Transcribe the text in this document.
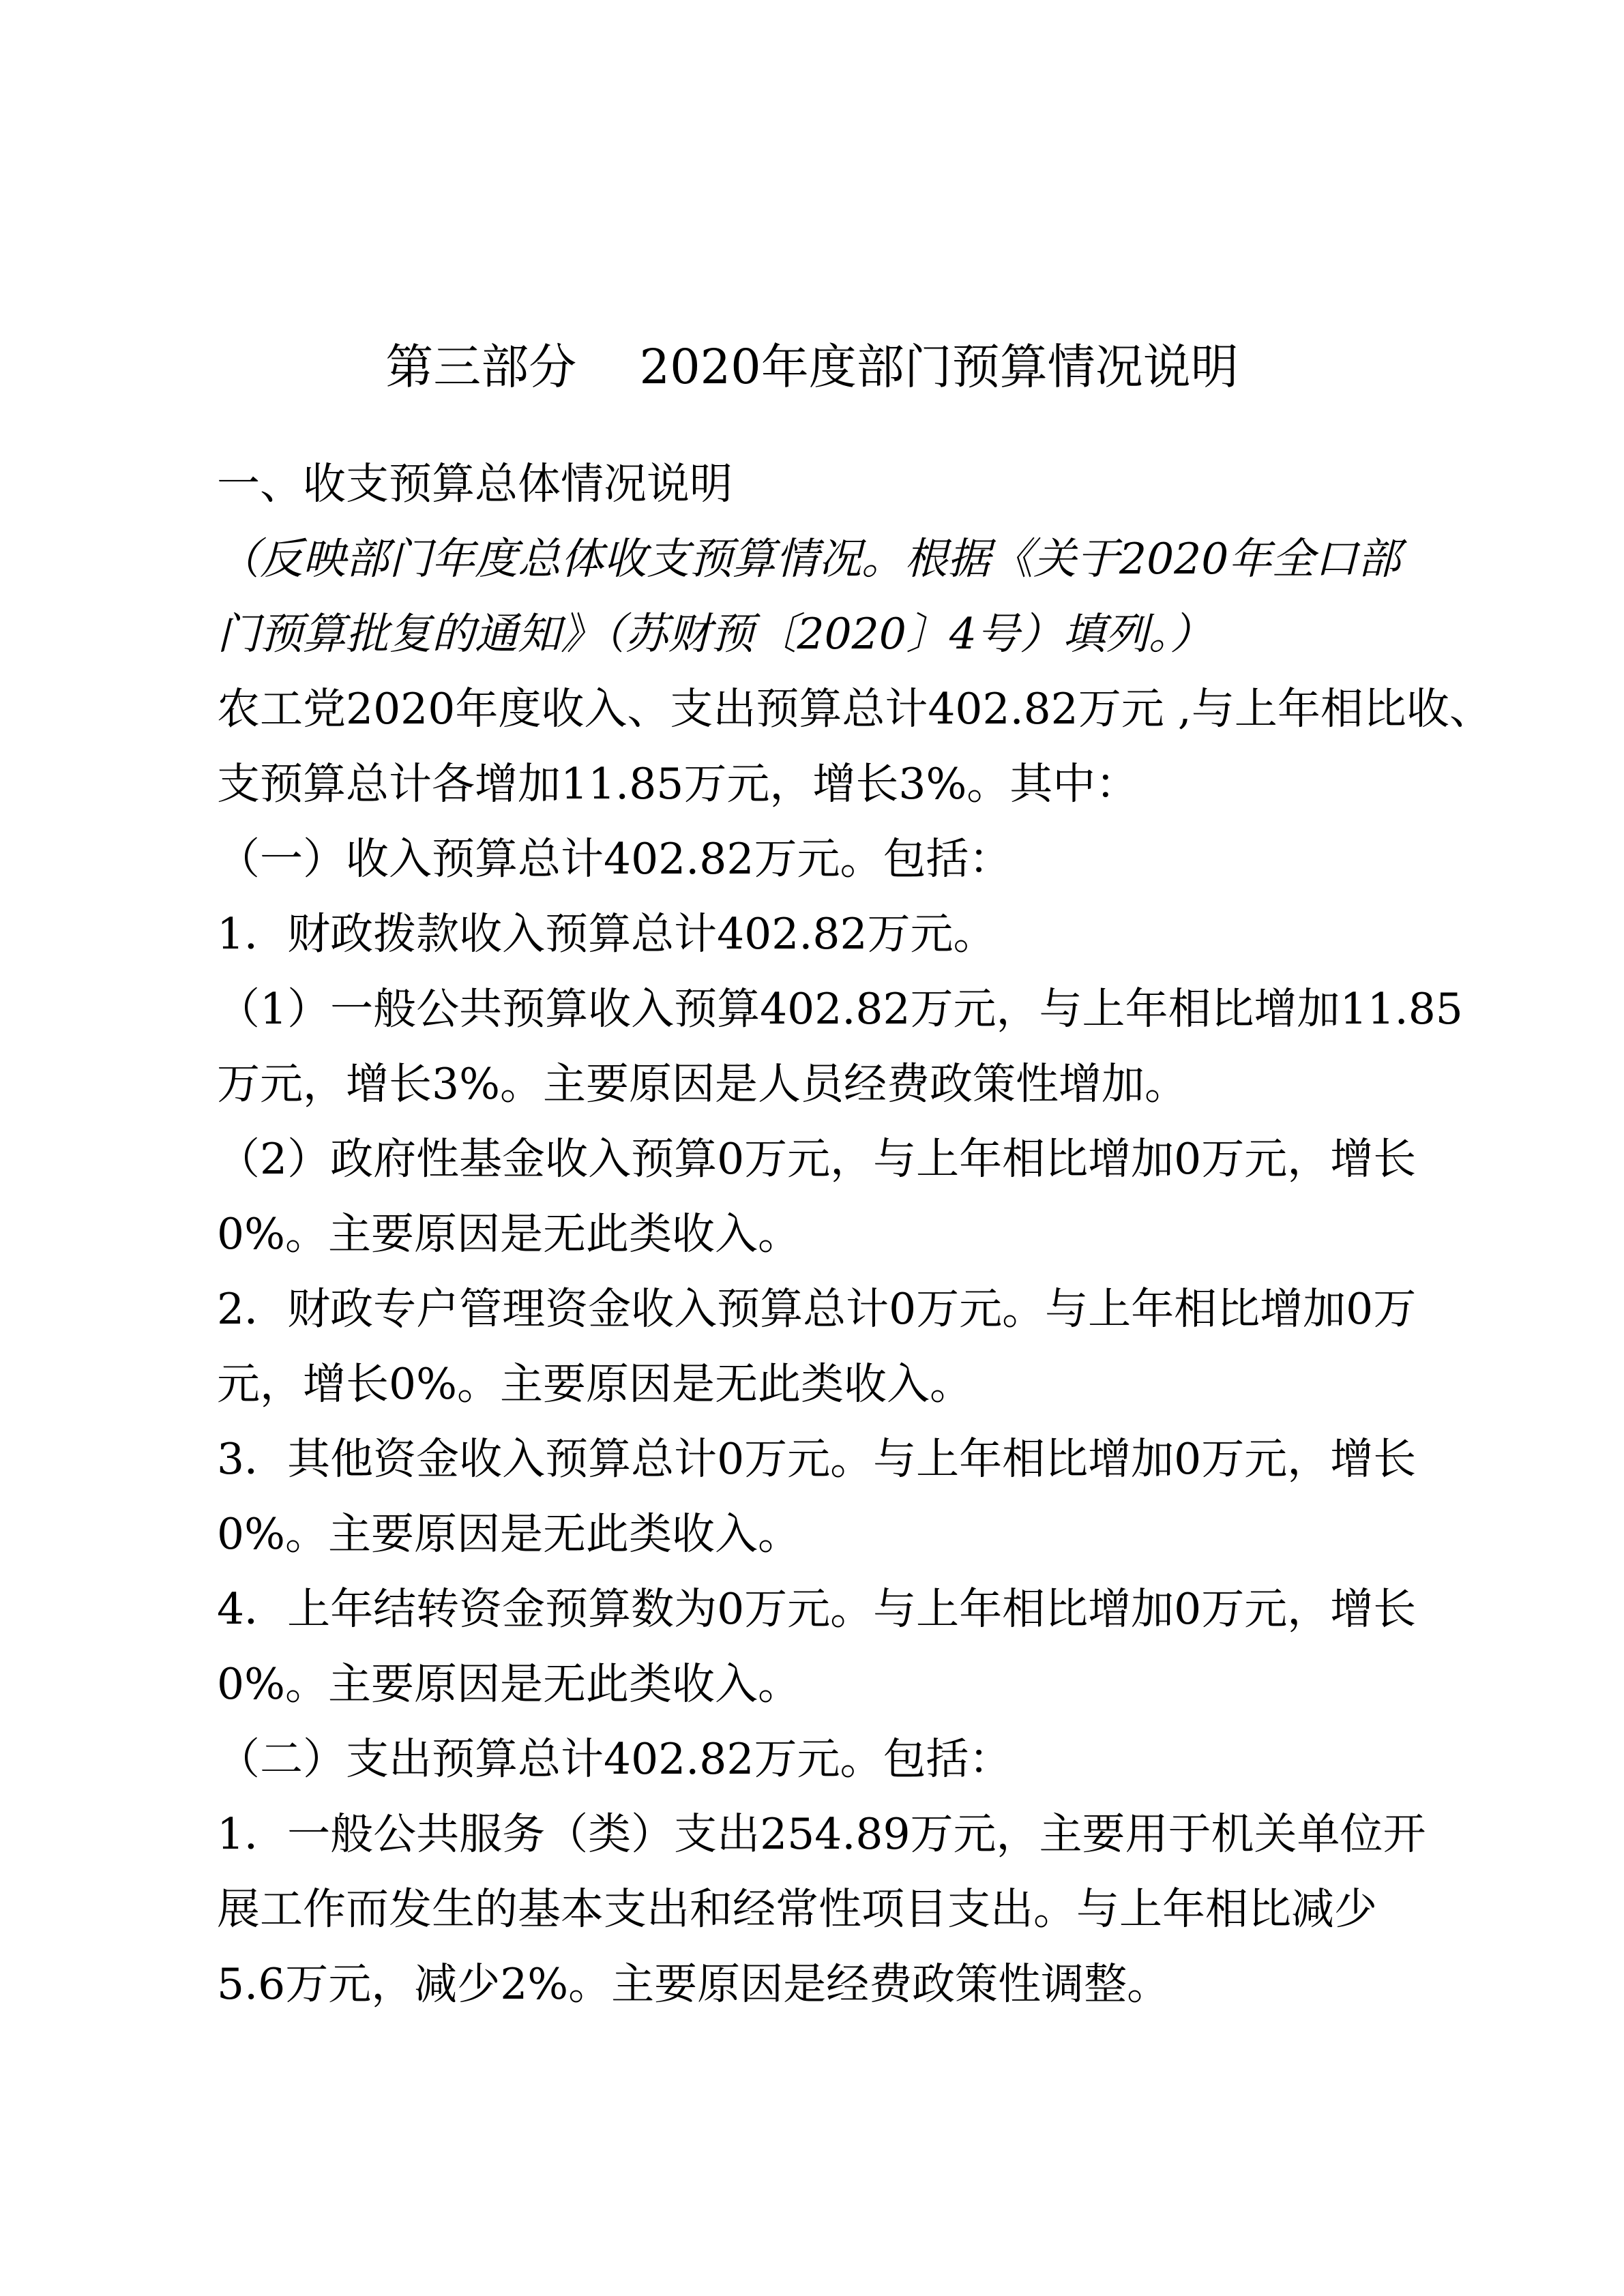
第三部分　 2020年度部门预算情况说明
一、收支预算总体情况说明
（反映部门年度总体收支预算情况。根据《关于2020年全口部
门预算批复的通知》（苏财预〔2020〕4号）填列。）
农工党2020年度收入、支出预算总计402.82万元 ,与上年相比收、
支预算总计各增加11.85万元，增长3%。其中：
（一）收入预算总计402.82万元。包括：
1．财政拨款收入预算总计402.82万元。
（1）一般公共预算收入预算402.82万元，与上年相比增加11.85
万元，增长3%。主要原因是人员经费政策性增加。
（2）政府性基金收入预算0万元，与上年相比增加0万元，增长
0%。主要原因是无此类收入。
2．财政专户管理资金收入预算总计0万元。与上年相比增加0万
元，增长0%。主要原因是无此类收入。
3．其他资金收入预算总计0万元。与上年相比增加0万元，增长
0%。主要原因是无此类收入。
4．上年结转资金预算数为0万元。与上年相比增加0万元，增长
0%。主要原因是无此类收入。
（二）支出预算总计402.82万元。包括：
1．一般公共服务（类）支出254.89万元，主要用于机关单位开
展工作而发生的基本支出和经常性项目支出。与上年相比减少
5.6万元，减少2%。主要原因是经费政策性调整。
